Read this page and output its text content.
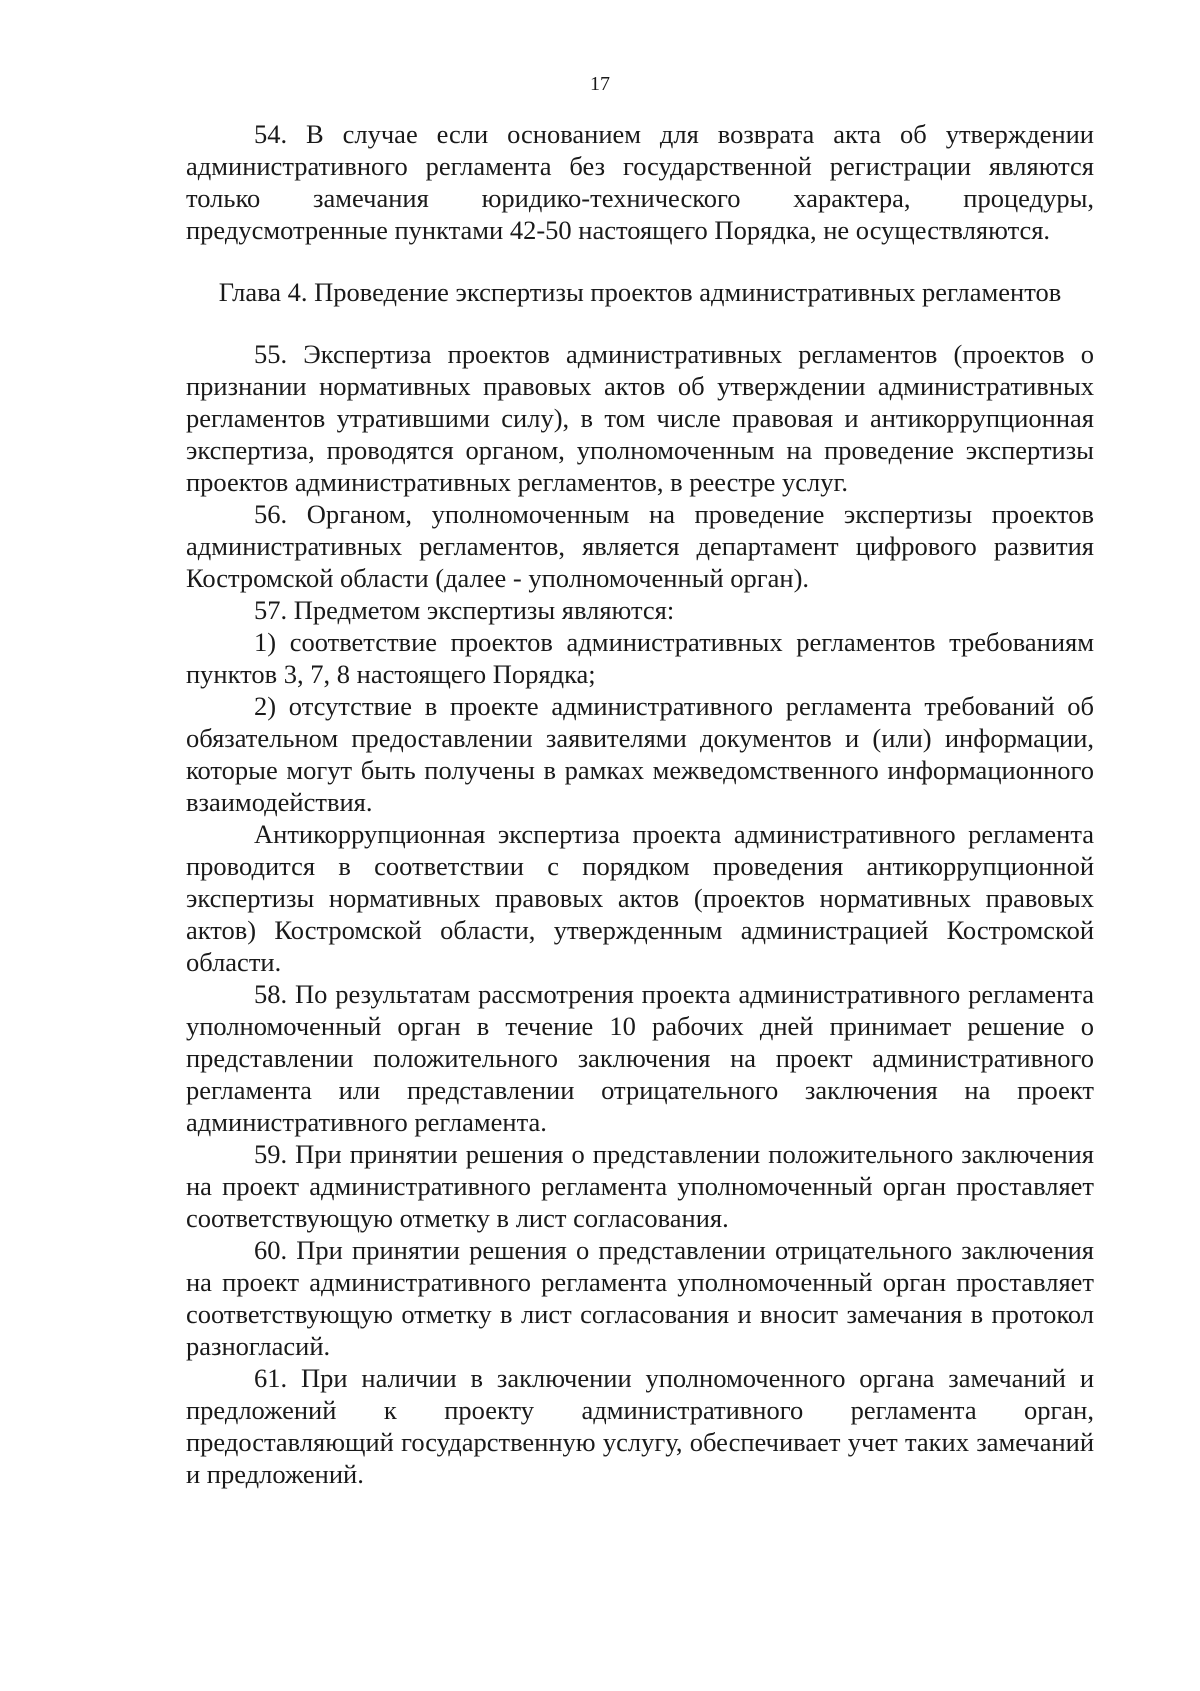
17

54. В случае если основанием для возврата акта об утверждении административного регламента без государственной регистрации являются только замечания юридико-технического характера, процедуры, предусмотренные пунктами 42-50 настоящего Порядка, не осуществляются.

Глава 4. Проведение экспертизы проектов административных регламентов

55. Экспертиза проектов административных регламентов (проектов о признании нормативных правовых актов об утверждении административных регламентов утратившими силу), в том числе правовая и антикоррупционная экспертиза, проводятся органом, уполномоченным на проведение экспертизы проектов административных регламентов, в реестре услуг.

56. Органом, уполномоченным на проведение экспертизы проектов административных регламентов, является департамент цифрового развития Костромской области (далее - уполномоченный орган).

57. Предметом экспертизы являются:

1) соответствие проектов административных регламентов требованиям пунктов 3, 7, 8 настоящего Порядка;

2) отсутствие в проекте административного регламента требований об обязательном предоставлении заявителями документов и (или) информации, которые могут быть получены в рамках межведомственного информационного взаимодействия.

Антикоррупционная экспертиза проекта административного регламента проводится в соответствии с порядком проведения антикоррупционной экспертизы нормативных правовых актов (проектов нормативных правовых актов) Костромской области, утвержденным администрацией Костромской области.

58. По результатам рассмотрения проекта административного регламента уполномоченный орган в течение 10 рабочих дней принимает решение о представлении положительного заключения на проект административного регламента или представлении отрицательного заключения на проект административного регламента.

59. При принятии решения о представлении положительного заключения на проект административного регламента уполномоченный орган проставляет соответствующую отметку в лист согласования.

60. При принятии решения о представлении отрицательного заключения на проект административного регламента уполномоченный орган проставляет соответствующую отметку в лист согласования и вносит замечания в протокол разногласий.

61. При наличии в заключении уполномоченного органа замечаний и предложений к проекту административного регламента орган, предоставляющий государственную услугу, обеспечивает учет таких замечаний и предложений.
